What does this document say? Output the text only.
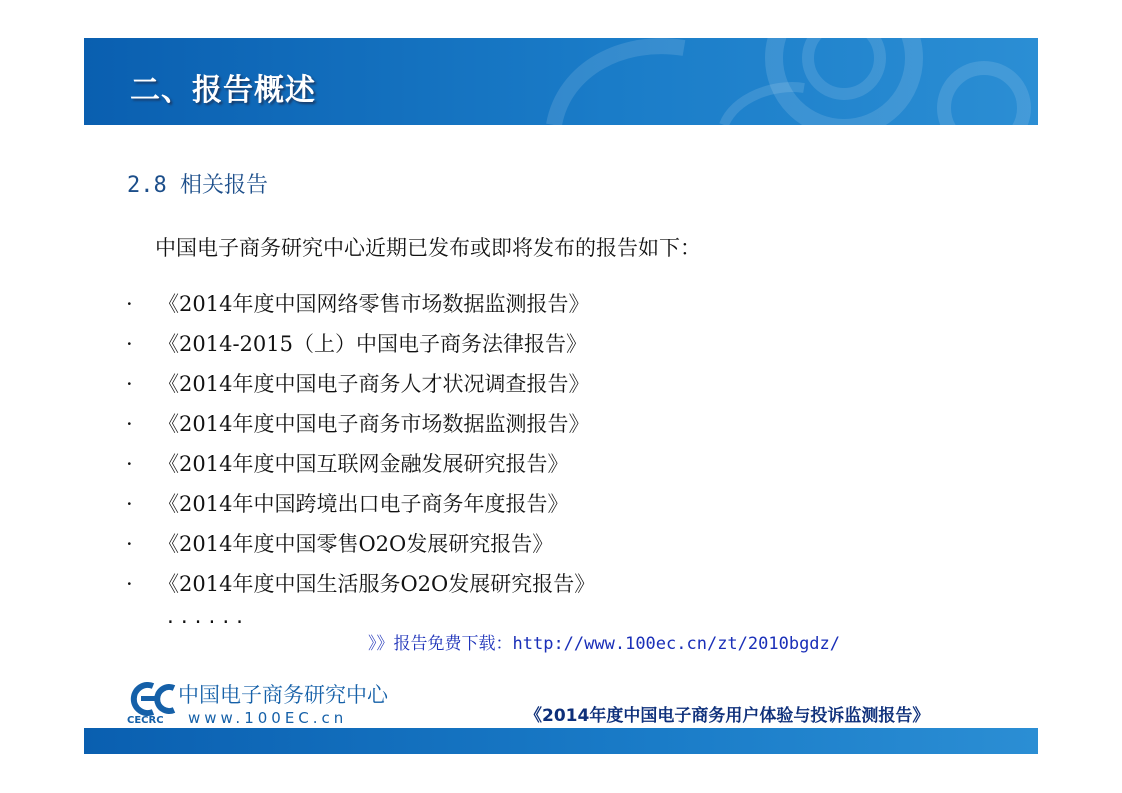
二、报告概述
2.8 相关报告
中国电子商务研究中心近期已发布或即将发布的报告如下：
·	《2014年度中国网络零售市场数据监测报告》
·	《2014-2015（上）中国电子商务法律报告》
·	《2014年度中国电子商务人才状况调查报告》
·	《2014年度中国电子商务市场数据监测报告》
·	《2014年度中国互联网金融发展研究报告》
·	《2014年中国跨境出口电子商务年度报告》
·	《2014年度中国零售O2O发展研究报告》
·	《2014年度中国生活服务O2O发展研究报告》
......
》》报告免费下载：http://www.100ec.cn/zt/2010bgdz/
中国电子商务研究中心
CECRC www.100EC.cn	《2014年度中国电子商务用户体验与投诉监测报告》
